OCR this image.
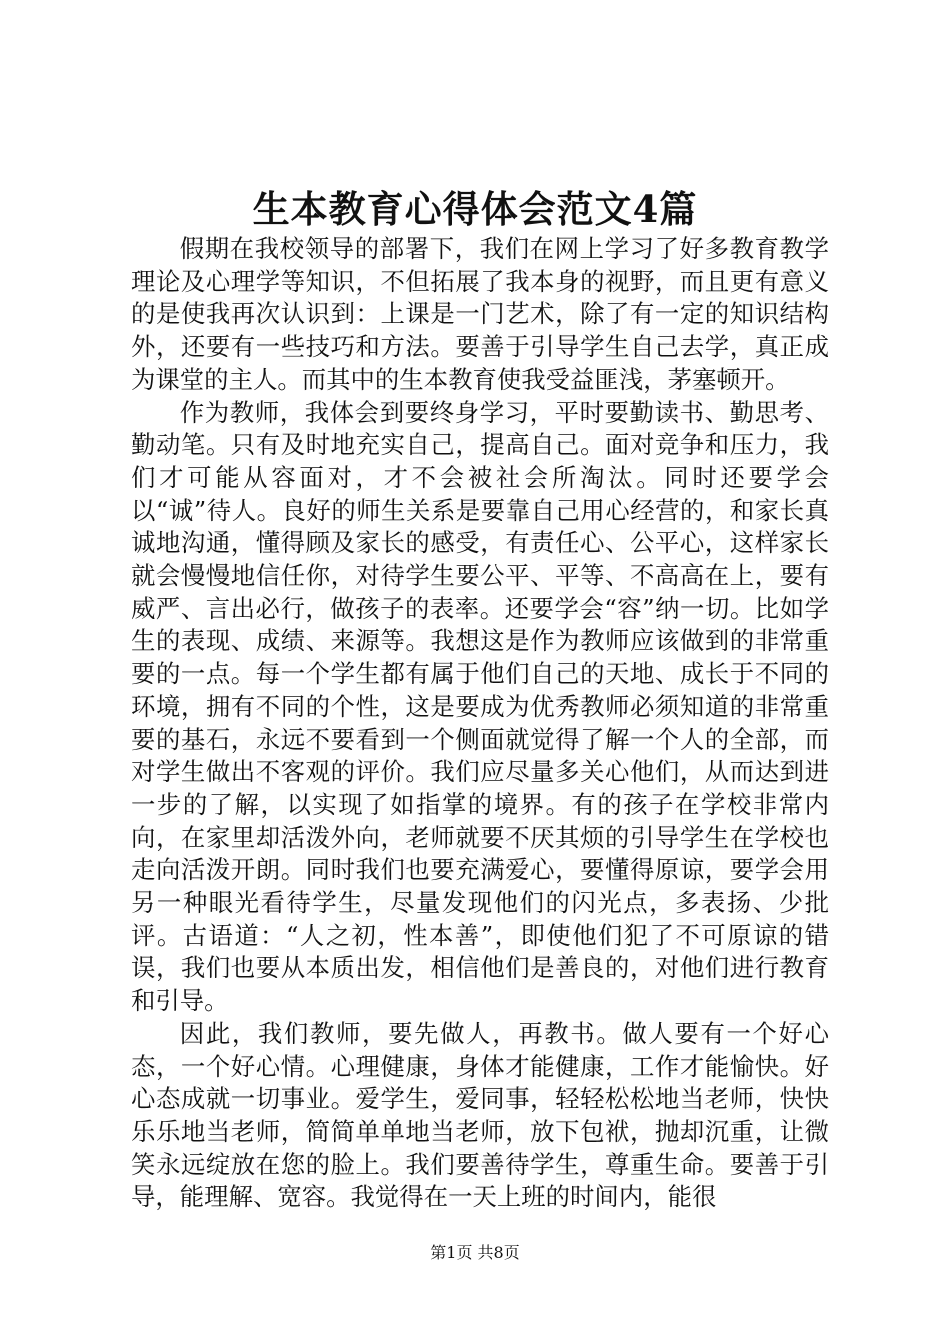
生本教育心得体会范文4篇

假期在我校领导的部署下，我们在网上学习了好多教育教学理论及心理学等知识，不但拓展了我本身的视野，而且更有意义的是使我再次认识到：上课是一门艺术，除了有一定的知识结构外，还要有一些技巧和方法。要善于引导学生自己去学，真正成为课堂的主人。而其中的生本教育使我受益匪浅，茅塞顿开。

作为教师，我体会到要终身学习，平时要勤读书、勤思考、勤动笔。只有及时地充实自己，提高自己。面对竞争和压力，我们才可能从容面对，才不会被社会所淘汰。同时还要学会以“诚”待人。良好的师生关系是要靠自己用心经营的，和家长真诚地沟通，懂得顾及家长的感受，有责任心、公平心，这样家长就会慢慢地信任你，对待学生要公平、平等、不高高在上，要有威严、言出必行，做孩子的表率。还要学会“容”纳一切。比如学生的表现、成绩、来源等。我想这是作为教师应该做到的非常重要的一点。每一个学生都有属于他们自己的天地、成长于不同的环境，拥有不同的个性，这是要成为优秀教师必须知道的非常重要的基石，永远不要看到一个侧面就觉得了解一个人的全部，而对学生做出不客观的评价。我们应尽量多关心他们，从而达到进一步的了解，以实现了如指掌的境界。有的孩子在学校非常内向，在家里却活泼外向，老师就要不厌其烦的引导学生在学校也走向活泼开朗。同时我们也要充满爱心，要懂得原谅，要学会用另一种眼光看待学生，尽量发现他们的闪光点，多表扬、少批评。古语道：“人之初，性本善”，即使他们犯了不可原谅的错误，我们也要从本质出发，相信他们是善良的，对他们进行教育和引导。

因此，我们教师，要先做人，再教书。做人要有一个好心态，一个好心情。心理健康，身体才能健康，工作才能愉快。好心态成就一切事业。爱学生，爱同事，轻轻松松地当老师，快快乐乐地当老师，简简单单地当老师，放下包袱，抛却沉重，让微笑永远绽放在您的脸上。我们要善待学生，尊重生命。要善于引导，能理解、宽容。我觉得在一天上班的时间内，能很

第1页 共8页
